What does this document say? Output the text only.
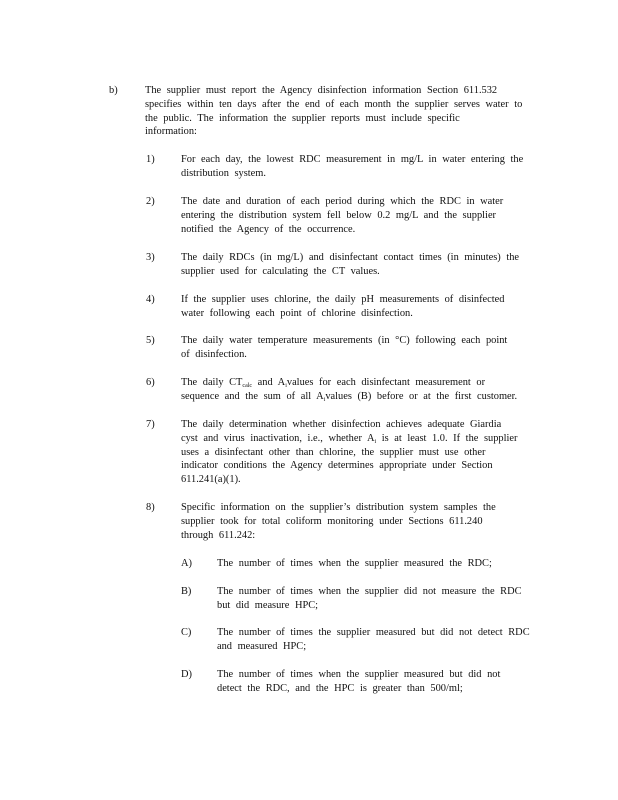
b)	The supplier must report the Agency disinfection information Section 611.532
specifies within ten days after the end of each month the supplier serves water to
the public. The information the supplier reports must include specific
information:
1)	For each day, the lowest RDC measurement in mg/L in water entering the
distribution system.
2)	The date and duration of each period during which the RDC in water
entering the distribution system fell below 0.2 mg/L and the supplier
notified the Agency of the occurrence.
3)	The daily RDCs (in mg/L) and disinfectant contact times (in minutes) the
supplier used for calculating the CT values.
4)	If the supplier uses chlorine, the daily pH measurements of disinfected
water following each point of chlorine disinfection.
5)	The daily water temperature measurements (in °C) following each point
of disinfection.
6)	The daily $CT_{calc}$ and $A_ivalues$ for each disinfectant measurement or
sequence and the sum of all $A_ivalues$ (B) before or at the first customer.
7)	The daily determination whether disinfection achieves adequate Giardia
cyst and virus inactivation, i.e., whether $A_i$ is at least 1.0. If the supplier
uses a disinfectant other than chlorine, the supplier must use other
indicator conditions the Agency determines appropriate under Section
611.241(a)(1).
8)	Specific information on the supplier’s distribution system samples the
supplier took for total coliform monitoring under Sections 611.240
through 611.242:
A) The number of times when the supplier measured the RDC;
B) The number of times when the supplier did not measure the RDC
but did measure HPC;
C) The number of times the supplier measured but did not detect RDC
and measured HPC;
D) The number of times when the supplier measured but did not
detect the RDC, and the HPC is greater than 500/ml;
